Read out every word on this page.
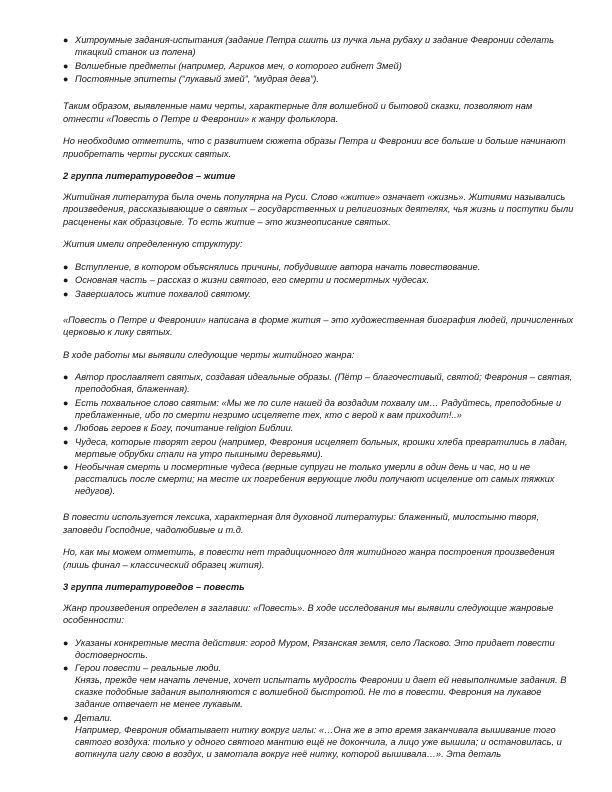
● Хитроумные задания-испытания (задание Петра сшить из пучка льна рубаху и задание Февронии сделать ткацкий станок из полена)
● Волшебные предметы (например, Агриков меч, о которого гибнет Змей)
● Постоянные эпитеты (“лукавый змей”, “мудрая дева”).

Таким образом, выявленные нами черты, характерные для волшебной и бытовой сказки, позволяют нам отнести «Повесть о Петре и Февронии» к жанру фольклора.

Но необходимо отметить, что с развитием сюжета образы Петра и Февронии все больше и больше начинают приобретать черты русских святых.

2 группа литературоведов – житие

Житийная литература была очень популярна на Руси. Слово «житие» означает «жизнь». Житиями назывались произведения, рассказывающие о святых – государственных и религиозных деятелях, чья жизнь и поступки были расценены как образцовые. То есть житие – это жизнеописание святых.

Жития имели определенную структуру:

● Вступление, в котором объяснялись причины, побудившие автора начать повествование.
● Основная часть – рассказ о жизни святого, его смерти и посмертных чудесах.
● Завершалось житие похвалой святому.

«Повесть о Петре и Февронии» написана в форме жития – это художественная биография людей, причисленных церковью к лику святых.

В ходе работы мы выявили следующие черты житийного жанра:

● Автор прославляет святых, создавая идеальные образы. (Пётр – благочестивый, святой; Феврония – святая, преподобная, блаженная).
● Есть похвальное слово святым: «Мы же по силе нашей да воздадим похвалу им… Радуйтесь, преподобные и преблаженные, ибо по смерти незримо исцеляете тех, кто с верой к вам приходит!..»
● Любовь героев к Богу, почитание religion Библии.
● Чудеса, которые творят герои (например, Феврония исцеляет больных, крошки хлеба превратились в ладан, мертвые обрубки стали на утро пышными деревьями).
● Необычная смерть и посмертные чудеса (верные супруги не только умерли в один день и час, но и не расстались после смерти; на месте их погребения верующие люди получают исцеление от самых тяжких недугов).

В повести используется лексика, характерная для духовной литературы: блаженный, милостыню творя, заповеди Господние, чадолюбивые и т.д.

Но, как мы можем отметить, в повести нет традиционного для житийного жанра построения произведения (лишь финал – классический образец жития).

3 группа литературоведов – повесть

Жанр произведения определен в заглавии: «Повесть». В ходе исследования мы выявили следующие жанровые особенности:

● Указаны конкретные места действия: город Муром, Рязанская земля, село Ласково. Это придает повести достоверность.
● Герои повести – реальные люди.
Князь, прежде чем начать лечение, хочет испытать мудрость Февронии и дает ей невыполнимые задания. В сказке подобные задания выполняются с волшебной быстротой. Не то в повести. Феврония на лукавое задание отвечает не менее лукавым.
● Детали.
Например, Феврония обматывает нитку вокруг иглы: «…Она же в это время заканчивала вышивание того святого воздуха: только у одного святого мантию ещё не докончила, а лицо уже вышила; и остановилась, и воткнула иглу свою в воздух, и замотала вокруг неё нитку, которой вышивала…». Эта деталь
